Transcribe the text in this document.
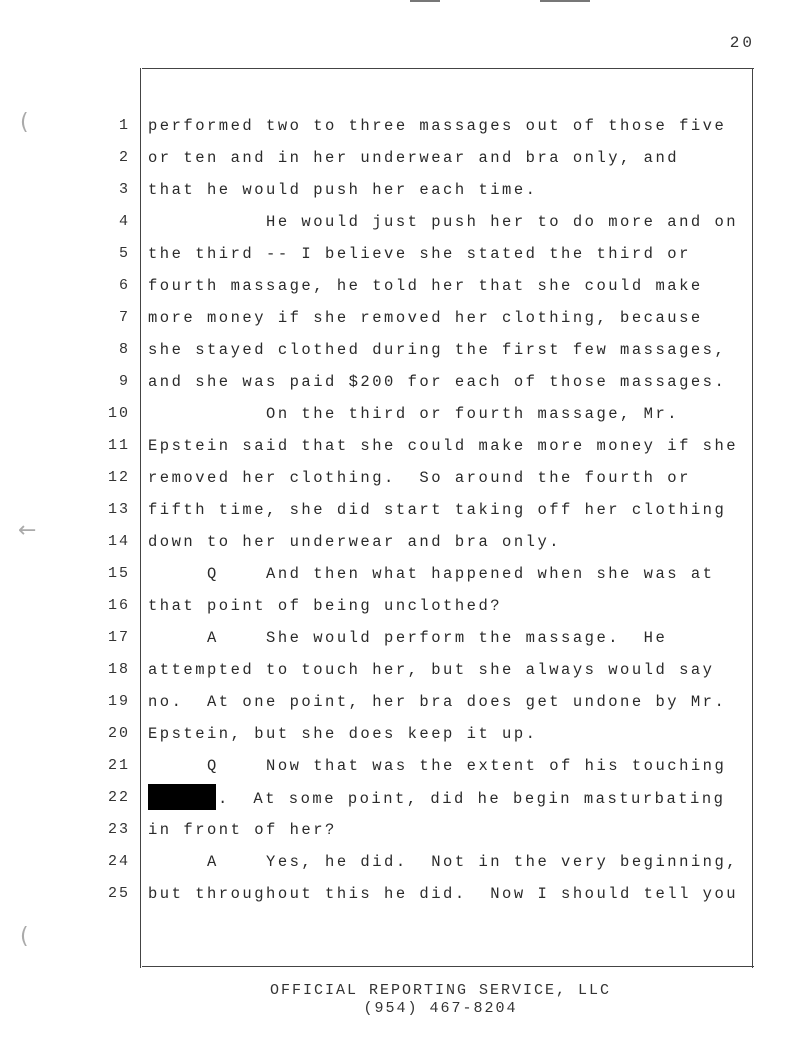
20
(
←
(
1 performed two to three massages out of those five
2 or ten and in her underwear and bra only, and
3 that he would push her each time.
4 He would just push her to do more and on
5 the third -- I believe she stated the third or
6 fourth massage, he told her that she could make
7 more money if she removed her clothing, because
8 she stayed clothed during the first few massages,
9 and she was paid $200 for each of those massages.
10 On the third or fourth massage, Mr.
11 Epstein said that she could make more money if she
12 removed her clothing.  So around the fourth or
13 fifth time, she did start taking off her clothing
14 down to her underwear and bra only.
15 Q    And then what happened when she was at
16 that point of being unclothed?
17 A    She would perform the massage.  He
18 attempted to touch her, but she always would say
19 no.  At one point, her bra does get undone by Mr.
20 Epstein, but she does keep it up.
21 Q    Now that was the extent of his touching
22	.  At some point, did he begin masturbating
23 in front of her?
24 A    Yes, he did.  Not in the very beginning,
25 but throughout this he did.  Now I should tell you
OFFICIAL REPORTING SERVICE, LLC
(954) 467-8204
